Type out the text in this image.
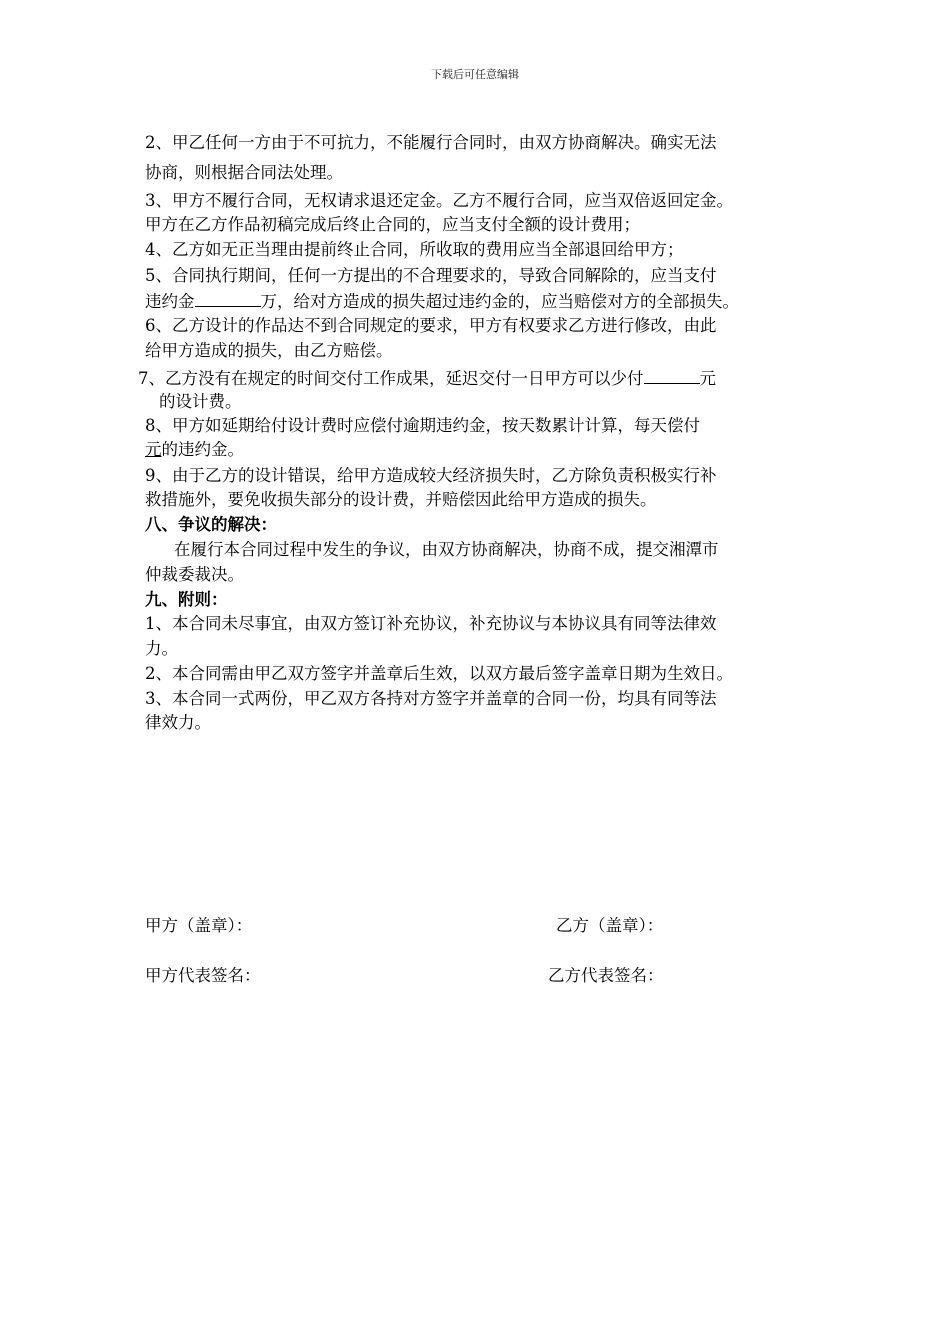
下载后可任意编辑
2、甲乙任何一方由于不可抗力，不能履行合同时，由双方协商解决。确实无法
协商，则根据合同法处理。
3、甲方不履行合同，无权请求退还定金。乙方不履行合同，应当双倍返回定金。
甲方在乙方作品初稿完成后终止合同的，应当支付全额的设计费用；
4、乙方如无正当理由提前终止合同，所收取的费用应当全部退回给甲方；
5、合同执行期间，任何一方提出的不合理要求的，导致合同解除的，应当支付
违约金	万，给对方造成的损失超过违约金的，应当赔偿对方的全部损失。
6、乙方设计的作品达不到合同规定的要求，甲方有权要求乙方进行修改，由此
给甲方造成的损失，由乙方赔偿。
7、乙方没有在规定的时间交付工作成果，延迟交付一日甲方可以少付	元
的设计费。
8、甲方如延期给付设计费时应偿付逾期违约金，按天数累计计算，每天偿付
元的违约金。
9、由于乙方的设计错误，给甲方造成较大经济损失时，乙方除负责积极实行补
救措施外，要免收损失部分的设计费，并赔偿因此给甲方造成的损失。
八、争议的解决：
在履行本合同过程中发生的争议，由双方协商解决，协商不成，提交湘潭市
仲裁委裁决。
九、附则：
1、本合同未尽事宜，由双方签订补充协议，补充协议与本协议具有同等法律效
力。
2、本合同需由甲乙双方签字并盖章后生效，以双方最后签字盖章日期为生效日。
3、本合同一式两份，甲乙双方各持对方签字并盖章的合同一份，均具有同等法
律效力。
甲方（盖章）：	乙方（盖章）：
甲方代表签名：	乙方代表签名：
